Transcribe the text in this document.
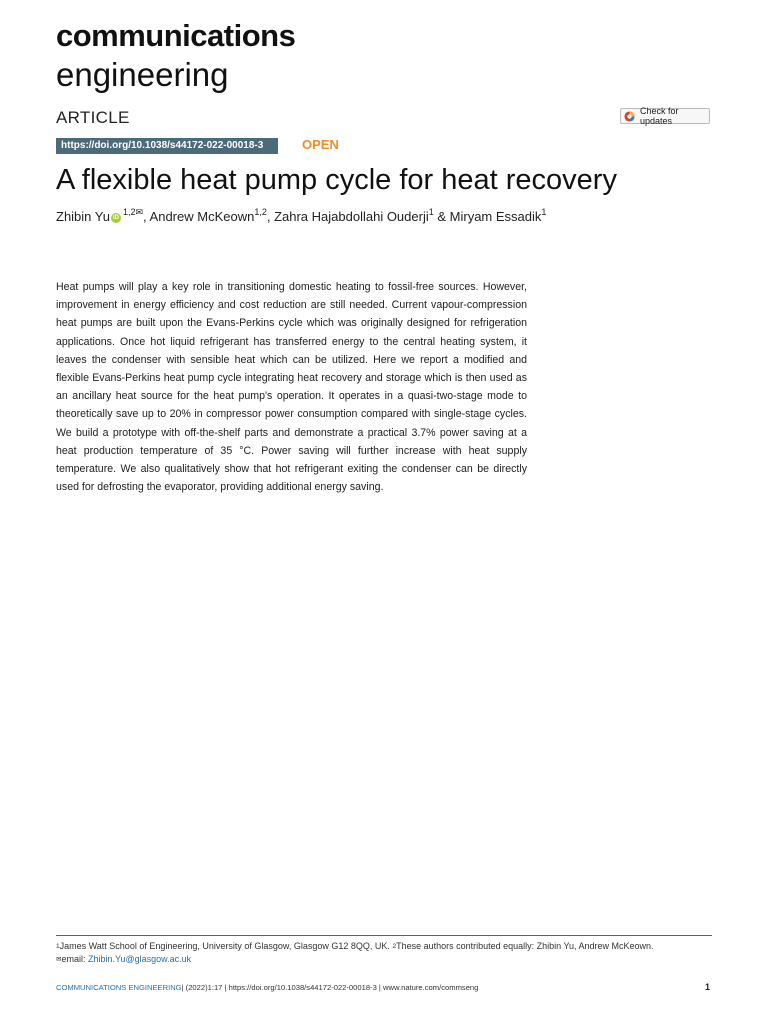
communications
engineering
ARTICLE	Check for updates
https://doi.org/10.1038/s44172-022-00018-3	OPEN
A flexible heat pump cycle for heat recovery
Zhibin Yu $iD^{1,2✉}$, Andrew McKeown$^{1,2}$, Zahra Hajabdollahi Ouderji$^1$ & Miryam Essadik$^1$
Heat pumps will play a key role in transitioning domestic heating to fossil-free sources. However, improvement in energy efficiency and cost reduction are still needed. Current vapour-compression heat pumps are built upon the Evans-Perkins cycle which was originally designed for refrigeration applications. Once hot liquid refrigerant has transferred energy to the central heating system, it leaves the condenser with sensible heat which can be utilized. Here we report a modified and flexible Evans-Perkins heat pump cycle integrating heat recovery and storage which is then used as an ancillary heat source for the heat pump's operation. It operates in a quasi-two-stage mode to theoretically save up to 20% in compressor power consumption compared with single-stage cycles. We build a prototype with off-the-shelf parts and demonstrate a practical 3.7% power saving at a heat production temperature of 35 °C. Power saving will further increase with heat supply temperature. We also qualitatively show that hot refrigerant exiting the condenser can be directly used for defrosting the evaporator, providing additional energy saving.
$^1$James Watt School of Engineering, University of Glasgow, Glasgow G12 8QQ, UK. $^2$These authors contributed equally: Zhibin Yu, Andrew McKeown.
✉email: Zhibin.Yu@glasgow.ac.uk
COMMUNICATIONS ENGINEERING| (2022)1:17 | https://doi.org/10.1038/s44172-022-00018-3 | www.nature.com/commseng	1
